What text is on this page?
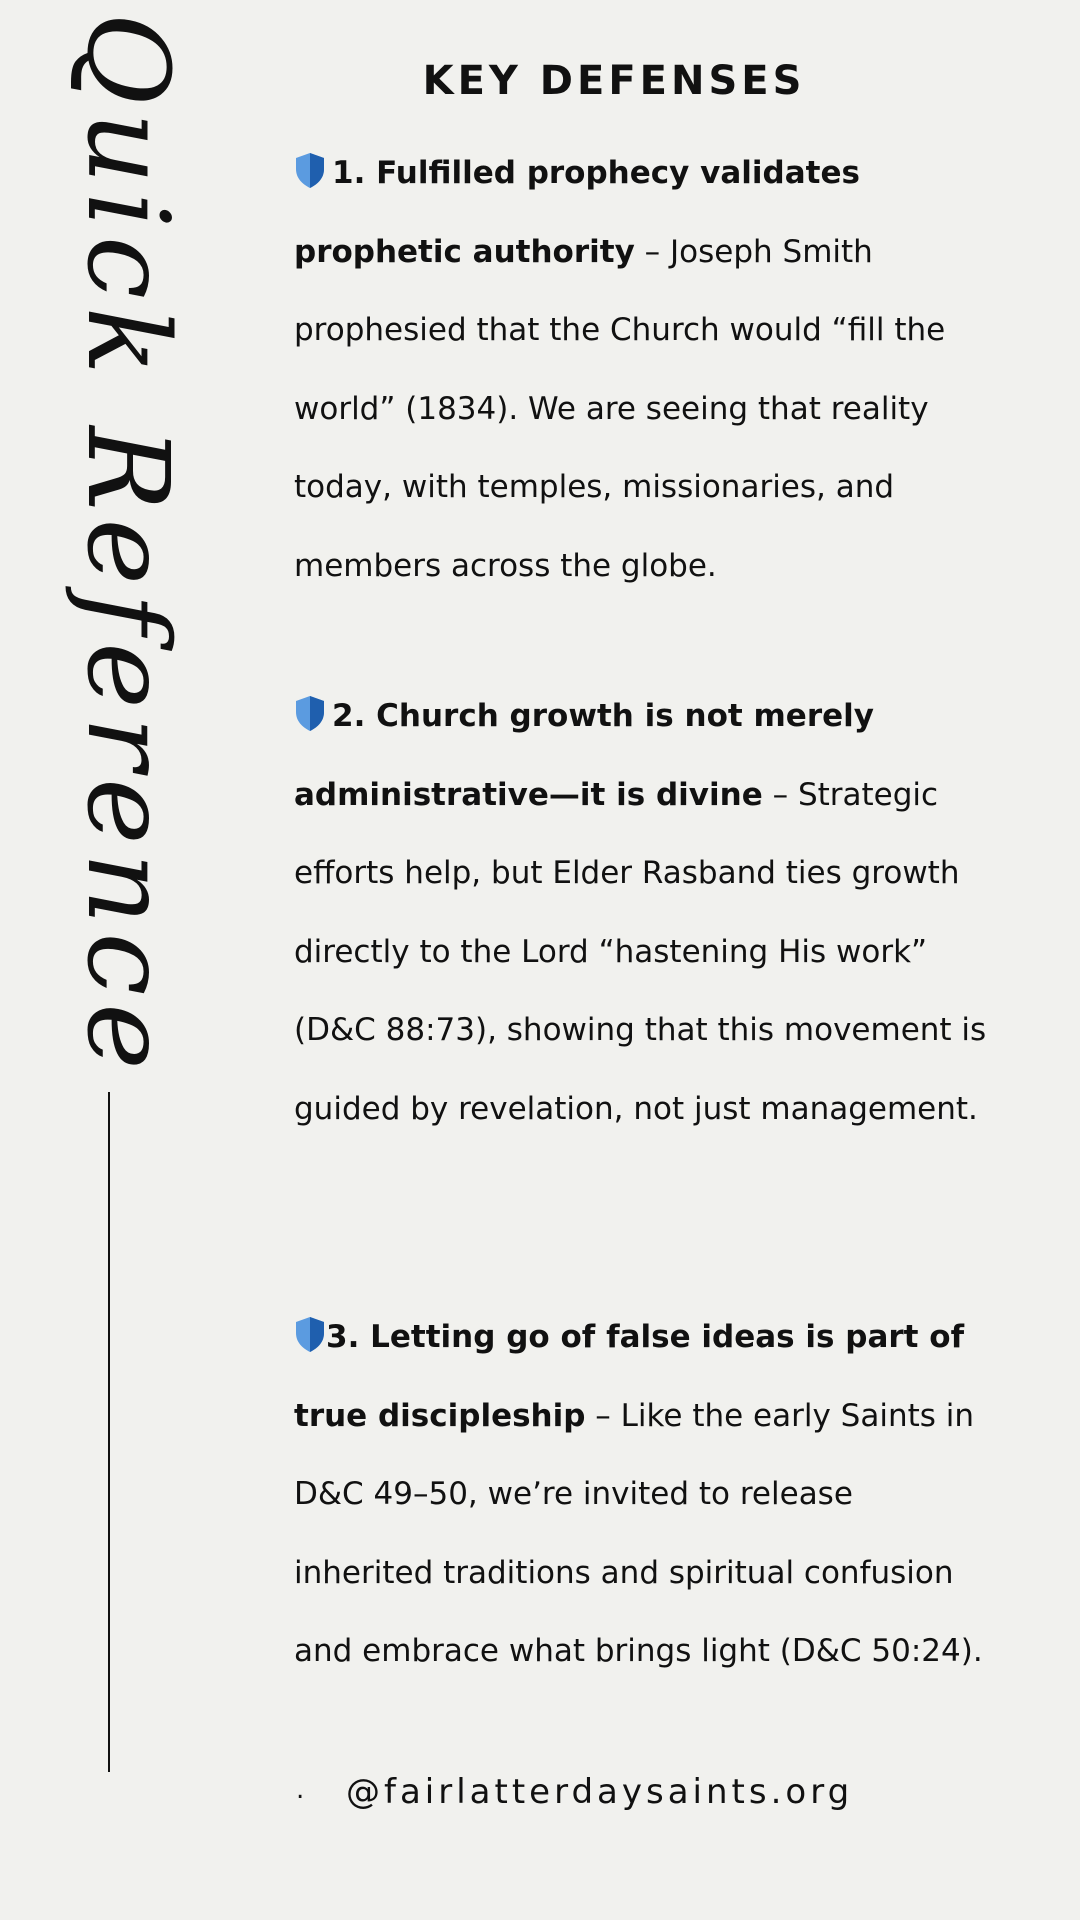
Quick Reference	KEY DEFENSES

1. Fulfilled prophecy validates prophetic authority – Joseph Smith prophesied that the Church would “fill the world” (1834). We are seeing that reality today, with temples, missionaries, and members across the globe.

2. Church growth is not merely administrative—it is divine – Strategic efforts help, but Elder Rasband ties growth directly to the Lord “hastening His work” (D&C 88:73), showing that this movement is guided by revelation, not just management.

3. Letting go of false ideas is part of true discipleship – Like the early Saints in D&C 49–50, we’re invited to release inherited traditions and spiritual confusion and embrace what brings light (D&C 50:24).

. @fairlatterdaysaints.org
